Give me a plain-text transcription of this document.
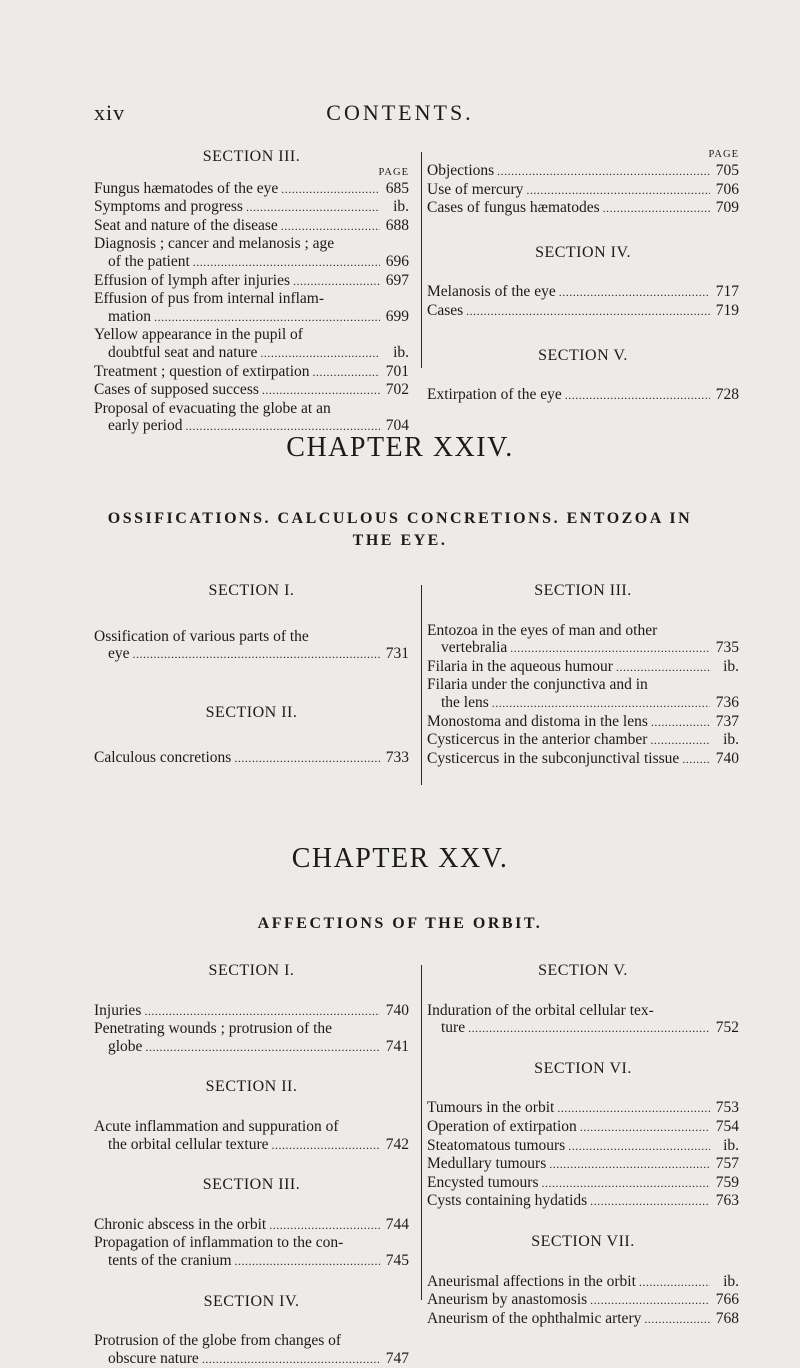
xiv	CONTENTS.
SECTION III.
PAGE
Fungus hæmatodes of the eye .....	685
Symptoms and progress .....	ib.
Seat and nature of the disease .....	688
Diagnosis ; cancer and melanosis ; age
of the patient .....	696
Effusion of lymph after injuries .....	697
Effusion of pus from internal inflam-
mation .....	699
Yellow appearance in the pupil of
doubtful seat and nature .....	ib.
Treatment ; question of extirpation .....	701
Cases of supposed success .....	702
Proposal of evacuating the globe at an
early period .....	704
PAGE
Objections .....	705
Use of mercury .....	706
Cases of fungus hæmatodes .....	709
SECTION IV.
Melanosis of the eye .....	717
Cases .....	719
SECTION V.
Extirpation of the eye .....	728
CHAPTER XXIV.
OSSIFICATIONS. CALCULOUS CONCRETIONS. ENTOZOA IN
THE EYE.
SECTION I.
Ossification of various parts of the
eye .....	731
SECTION II.
Calculous concretions .....	733
SECTION III.
Entozoa in the eyes of man and other
vertebralia .....	735
Filaria in the aqueous humour .....	ib.
Filaria under the conjunctiva and in
the lens .....	736
Monostoma and distoma in the lens .....	737
Cysticercus in the anterior chamber .....	ib.
Cysticercus in the subconjunctival tissue ..... 740
CHAPTER XXV.
AFFECTIONS OF THE ORBIT.
SECTION I.
Injuries .....	740
Penetrating wounds ; protrusion of the
globe .....	741
SECTION II.
Acute inflammation and suppuration of
the orbital cellular texture .....	742
SECTION III.
Chronic abscess in the orbit .....	744
Propagation of inflammation to the con-
tents of the cranium .....	745
SECTION IV.
Protrusion of the globe from changes of
obscure nature .....	747
SECTION V.
Induration of the orbital cellular tex-
ture .....	752
SECTION VI.
Tumours in the orbit .....	753
Operation of extirpation .....	754
Steatomatous tumours .....	ib.
Medullary tumours .....	757
Encysted tumours .....	759
Cysts containing hydatids .....	763
SECTION VII.
Aneurismal affections in the orbit .....	ib.
Aneurism by anastomosis .....	766
Aneurism of the ophthalmic artery .....	768
